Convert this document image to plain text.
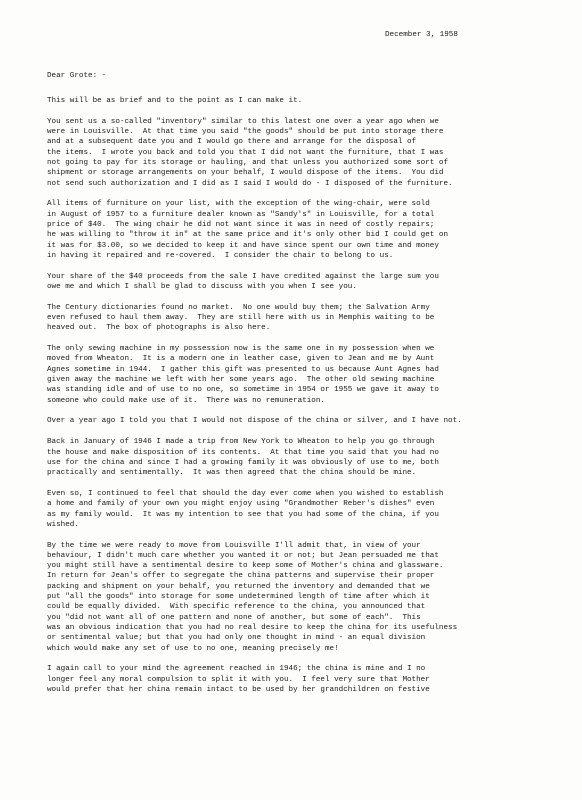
December 3, 1958
Dear Grote: -
This will be as brief and to the point as I can make it.
You sent us a so-called "inventory" similar to this latest one over a year ago when we
were in Louisville.  At that time you said "the goods" should be put into storage there
and at a subsequent date you and I would go there and arrange for the disposal of
the items.  I wrote you back and told you that I did not want the furniture, that I was
not going to pay for its storage or hauling, and that unless you authorized some sort of
shipment or storage arrangements on your behalf, I would dispose of the items.  You did
not send such authorization and I did as I said I would do - I disposed of the furniture.
All items of furniture on your list, with the exception of the wing-chair, were sold
in August of 1957 to a furniture dealer known as "Sandy's" in Louisville, for a total
price of $40.  The wing chair he did not want since it was in need of costly repairs;
he was willing to "throw it in" at the same price and it's only other bid I could get on
it was for $3.00, so we decided to keep it and have since spent our own time and money
in having it repaired and re-covered.  I consider the chair to belong to us.
Your share of the $40 proceeds from the sale I have credited against the large sum you
owe me and which I shall be glad to discuss with you when I see you.
The Century dictionaries found no market.  No one would buy them; the Salvation Army
even refused to haul them away.  They are still here with us in Memphis waiting to be
heaved out.  The box of photographs is also here.
The only sewing machine in my possession now is the same one in my possession when we
moved from Wheaton.  It is a modern one in leather case, given to Jean and me by Aunt
Agnes sometime in 1944.  I gather this gift was presented to us because Aunt Agnes had
given away the machine we left with her some years ago.  The other old sewing machine
was standing idle and of use to no one, so sometime in 1954 or 1955 we gave it away to
someone who could make use of it.  There was no remuneration.
Over a year ago I told you that I would not dispose of the china or silver, and I have not.
Back in January of 1946 I made a trip from New York to Wheaton to help you go through
the house and make disposition of its contents.  At that time you said that you had no
use for the china and since I had a growing family it was obviously of use to me, both
practically and sentimentally.  It was then agreed that the china should be mine.
Even so, I continued to feel that should the day ever come when you wished to establish
a home and family of your own you might enjoy using "Grandmother Reber's dishes" even
as my family would.  It was my intention to see that you had some of the china, if you
wished.
By the time we were ready to move from Louisville I'll admit that, in view of your
behaviour, I didn't much care whether you wanted it or not; but Jean persuaded me that
you might still have a sentimental desire to keep some of Mother's china and glassware.
In return for Jean's offer to segregate the china patterns and supervise their proper
packing and shipment on your behalf, you returned the inventory and demanded that we
put "all the goods" into storage for some undetermined length of time after which it
could be equally divided.  With specific reference to the china, you announced that
you "did not want all of one pattern and none of another, but some of each".  This
was an obvious indication that you had no real desire to keep the china for its usefulness
or sentimental value; but that you had only one thought in mind - an equal division
which would make any set of use to no one, meaning precisely me!
I again call to your mind the agreement reached in 1946; the china is mine and I no
longer feel any moral compulsion to split it with you.  I feel very sure that Mother
would prefer that her china remain intact to be used by her grandchildren on festive
